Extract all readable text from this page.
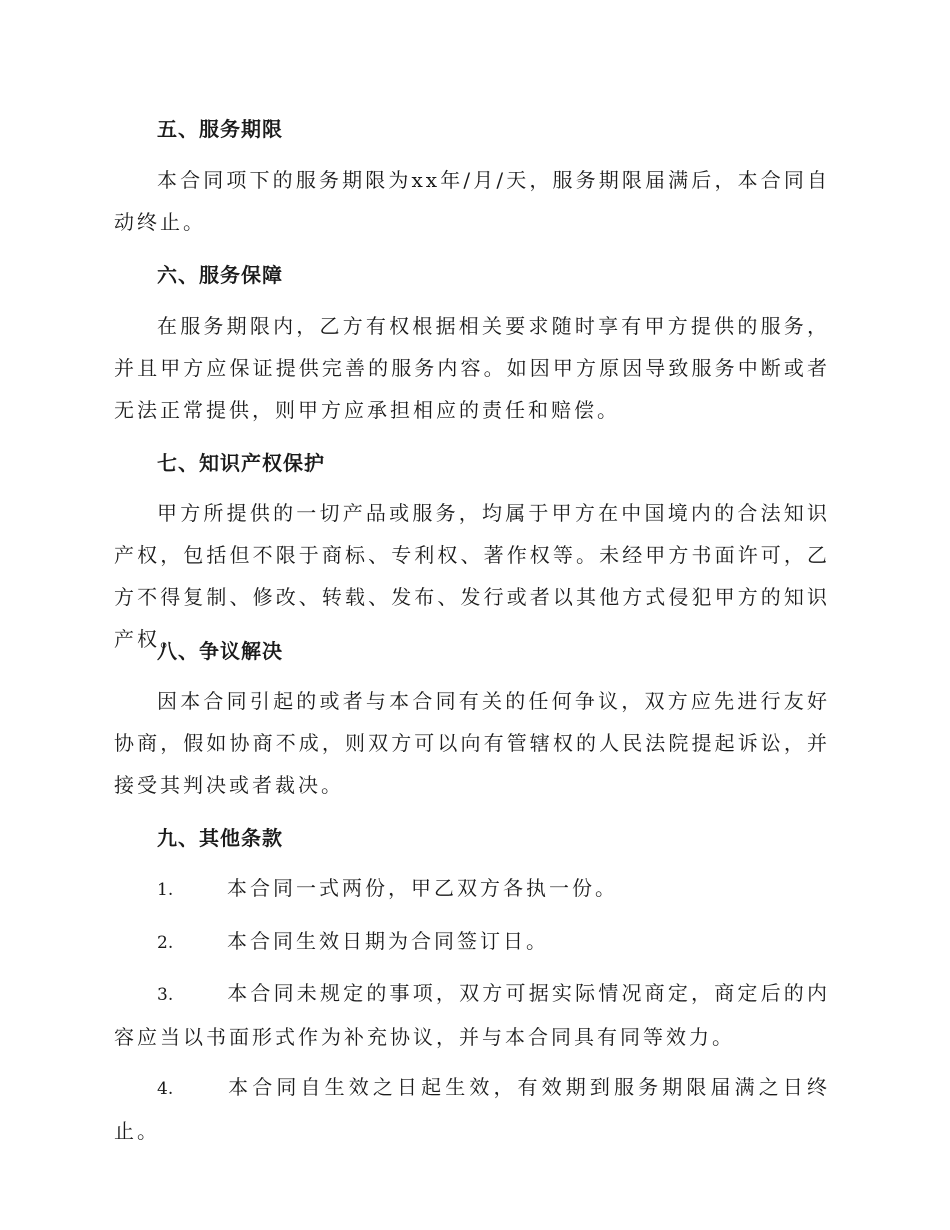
五、服务期限
本合同项下的服务期限为xx年/月/天，服务期限届满后，本合同自动终止。
六、服务保障
在服务期限内，乙方有权根据相关要求随时享有甲方提供的服务，并且甲方应保证提供完善的服务内容。如因甲方原因导致服务中断或者无法正常提供，则甲方应承担相应的责任和赔偿。
七、知识产权保护
甲方所提供的一切产品或服务，均属于甲方在中国境内的合法知识产权，包括但不限于商标、专利权、著作权等。未经甲方书面许可，乙方不得复制、修改、转载、发布、发行或者以其他方式侵犯甲方的知识产权。
八、争议解决
因本合同引起的或者与本合同有关的任何争议，双方应先进行友好协商，假如协商不成，则双方可以向有管辖权的人民法院提起诉讼，并接受其判决或者裁决。
九、其他条款
1.	本合同一式两份，甲乙双方各执一份。
2.	本合同生效日期为合同签订日。
3.	本合同未规定的事项，双方可据实际情况商定，商定后的内容应当以书面形式作为补充协议，并与本合同具有同等效力。
4.	本合同自生效之日起生效，有效期到服务期限届满之日终止。
